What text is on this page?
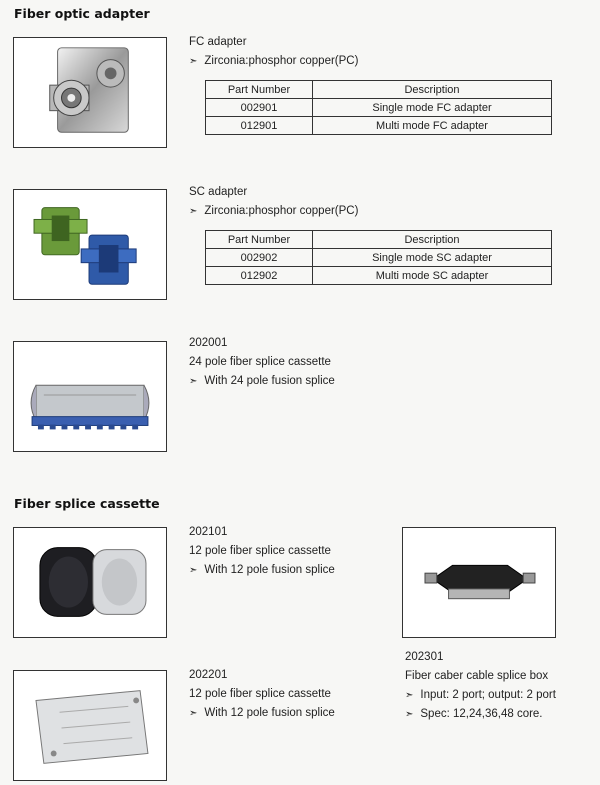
Fiber optic adapter
FC adapter
➣ Zirconia:phosphor copper(PC)
Part Number	Description
002901	Single mode FC adapter
012901	Multi mode FC adapter
SC adapter
➣ Zirconia:phosphor copper(PC)
Part Number	Description
002902	Single mode SC adapter
012902	Multi mode SC adapter
202001
24 pole fiber splice cassette
➣ With 24 pole fusion splice
Fiber splice cassette
202101
12 pole fiber splice cassette
➣ With 12 pole fusion splice
202301
Fiber caber cable splice box
➣ Input: 2 port; output: 2 port
➣ Spec: 12,24,36,48 core.
202201
12 pole fiber splice cassette
➣ With 12 pole fusion splice
